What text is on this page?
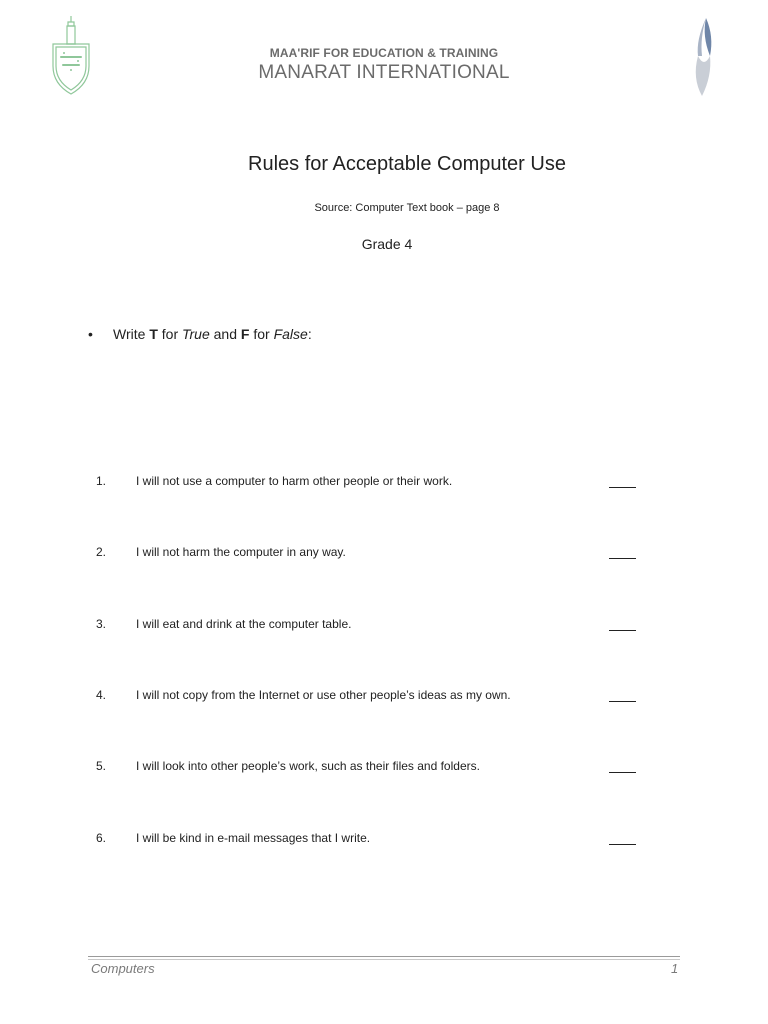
MAA'RIF FOR EDUCATION & TRAINING
MANARAT INTERNATIONAL
Rules for Acceptable Computer Use
Source: Computer Text book – page 8
Grade 4
• Write T for True and F for False:
1. I will not use a computer to harm other people or their work.
2. I will not harm the computer in any way.
3. I will eat and drink at the computer table.
4. I will not copy from the Internet or use other people’s ideas as my own.
5. I will look into other people’s work, such as their files and folders.
6. I will be kind in e-mail messages that I write.
Computers	1
